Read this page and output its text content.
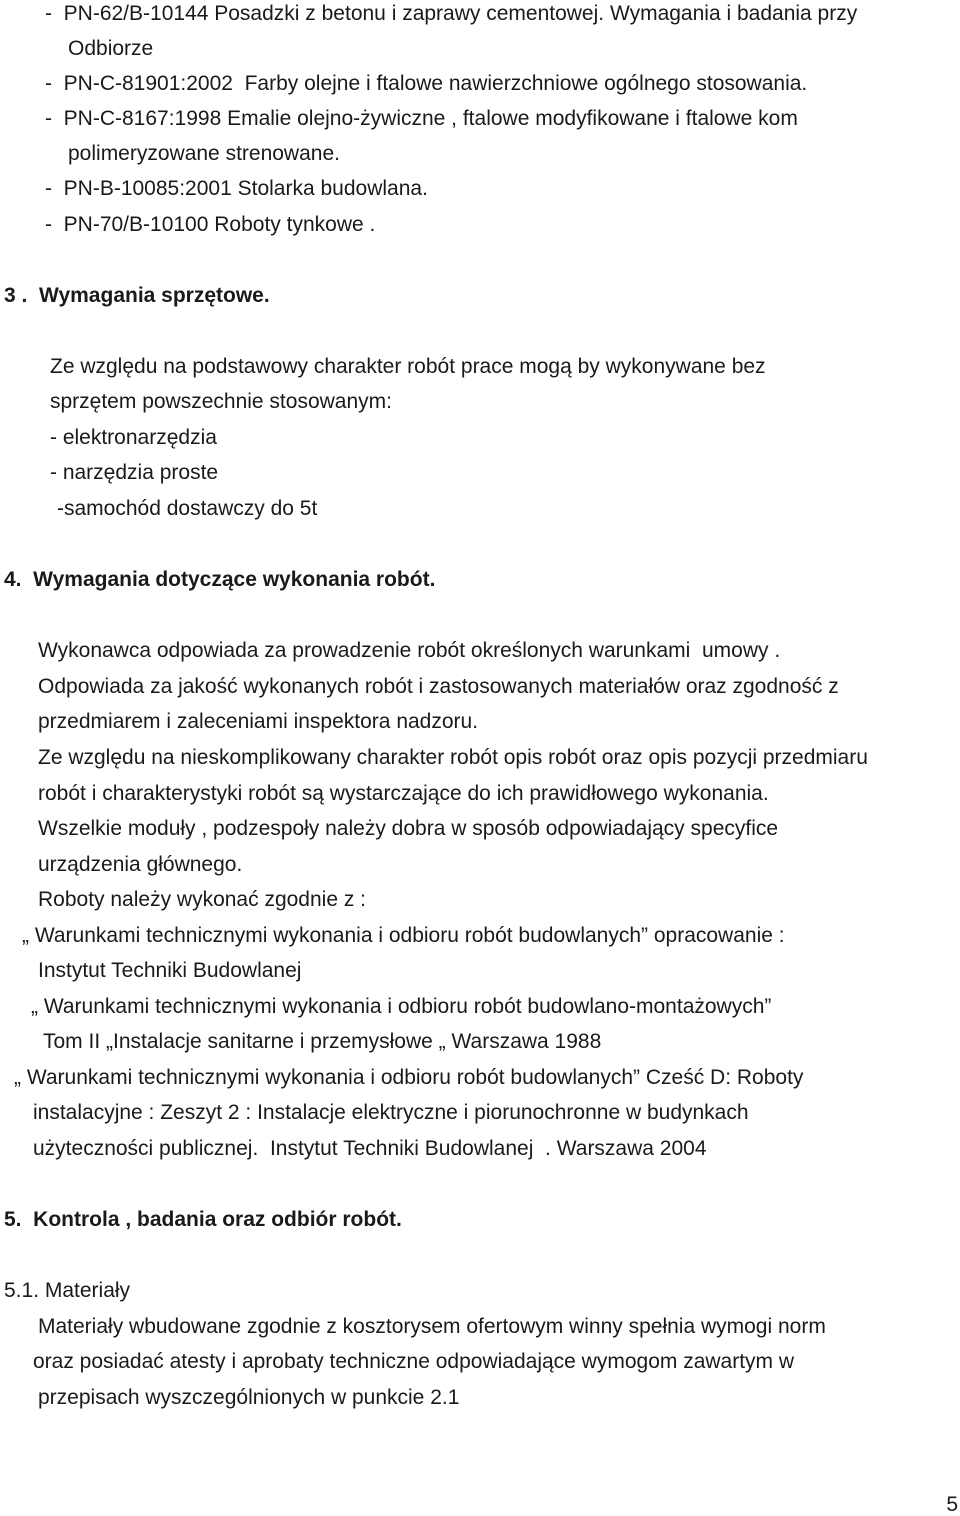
-  PN-62/B-10144 Posadzki z betonu i zaprawy cementowej. Wymagania i badania przy
Odbiorze
-  PN-C-81901:2002  Farby olejne i ftalowe nawierzchniowe ogólnego stosowania.
-  PN-C-8167:1998 Emalie olejno-żywiczne , ftalowe modyfikowane i ftalowe kom
polimeryzowane strenowane.
-  PN-B-10085:2001 Stolarka budowlana.
-  PN-70/B-10100 Roboty tynkowe .
3 .  Wymagania sprzętowe.
Ze względu na podstawowy charakter robót prace mogą by wykonywane bez
sprzętem powszechnie stosowanym:
- elektronarzędzia
- narzędzia proste
-samochód dostawczy do 5t
4.  Wymagania dotyczące wykonania robót.
Wykonawca odpowiada za prowadzenie robót określonych warunkami  umowy .
Odpowiada za jakość wykonanych robót i zastosowanych materiałów oraz zgodność z
przedmiarem i zaleceniami inspektora nadzoru.
Ze względu na nieskomplikowany charakter robót opis robót oraz opis pozycji przedmiaru
robót i charakterystyki robót są wystarczające do ich prawidłowego wykonania.
Wszelkie moduły , podzespoły należy dobra w sposób odpowiadający specyfice
urządzenia głównego.
Roboty należy wykonać zgodnie z :
„ Warunkami technicznymi wykonania i odbioru robót budowlanych” opracowanie :
Instytut Techniki Budowlanej
„ Warunkami technicznymi wykonania i odbioru robót budowlano-montażowych”
Tom II „Instalacje sanitarne i przemysłowe „ Warszawa 1988
„ Warunkami technicznymi wykonania i odbioru robót budowlanych” Cześć D: Roboty
instalacyjne : Zeszyt 2 : Instalacje elektryczne i piorunochronne w budynkach
użyteczności publicznej.  Instytut Techniki Budowlanej  . Warszawa 2004
5.  Kontrola , badania oraz odbiór robót.
5.1. Materiały
Materiały wbudowane zgodnie z kosztorysem ofertowym winny spełnia wymogi norm
oraz posiadać atesty i aprobaty techniczne odpowiadające wymogom zawartym w
przepisach wyszczególnionych w punkcie 2.1
5
